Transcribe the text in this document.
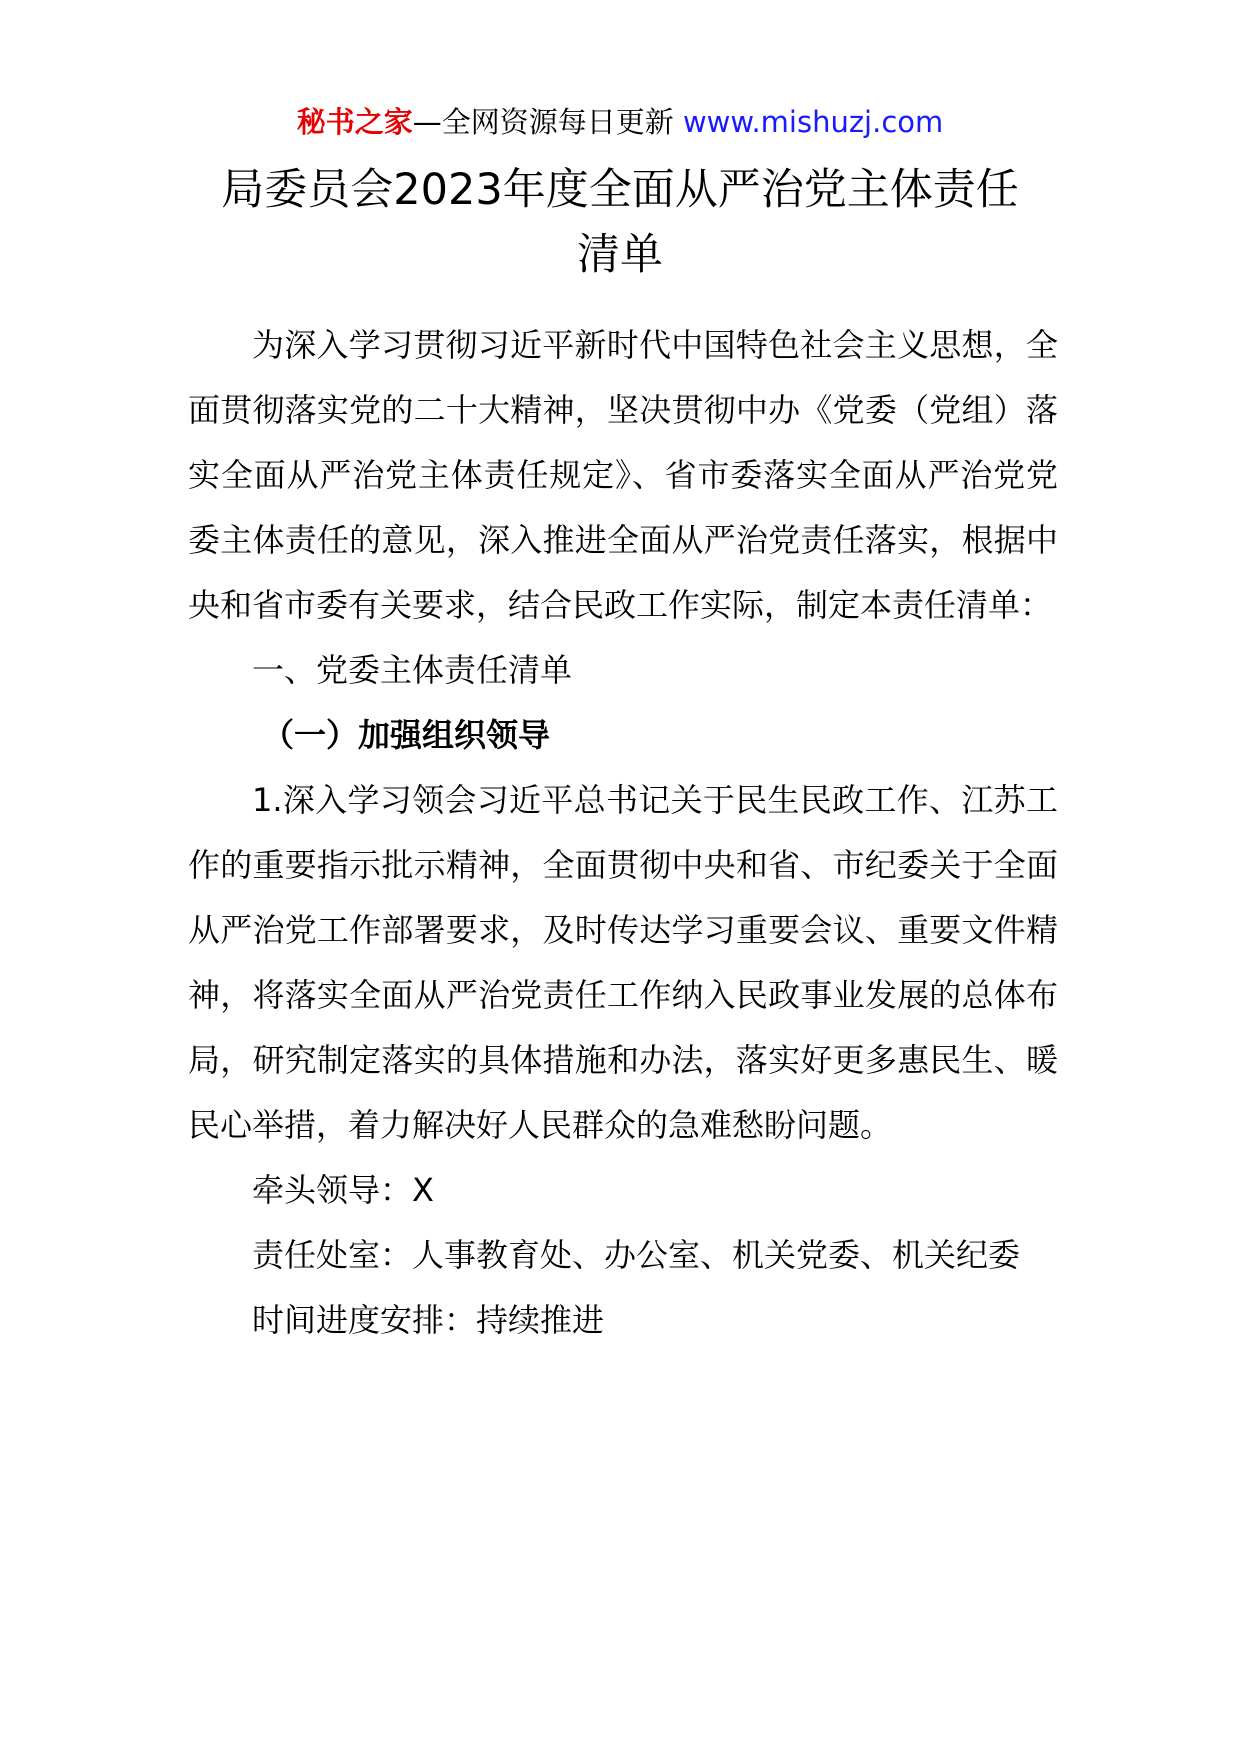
秘书之家—全网资源每日更新 www.mishuzj.com
局委员会2023年度全面从严治党主体责任
清单

为深入学习贯彻习近平新时代中国特色社会主义思想，全面贯彻落实党的二十大精神，坚决贯彻中办《党委（党组）落实全面从严治党主体责任规定》、省市委落实全面从严治党党委主体责任的意见，深入推进全面从严治党责任落实，根据中央和省市委有关要求，结合民政工作实际，制定本责任清单：

一、党委主体责任清单

（一）加强组织领导

1.深入学习领会习近平总书记关于民生民政工作、江苏工作的重要指示批示精神，全面贯彻中央和省、市纪委关于全面从严治党工作部署要求，及时传达学习重要会议、重要文件精神，将落实全面从严治党责任工作纳入民政事业发展的总体布局，研究制定落实的具体措施和办法，落实好更多惠民生、暖民心举措，着力解决好人民群众的急难愁盼问题。

牵头领导：X

责任处室：人事教育处、办公室、机关党委、机关纪委

时间进度安排：持续推进
